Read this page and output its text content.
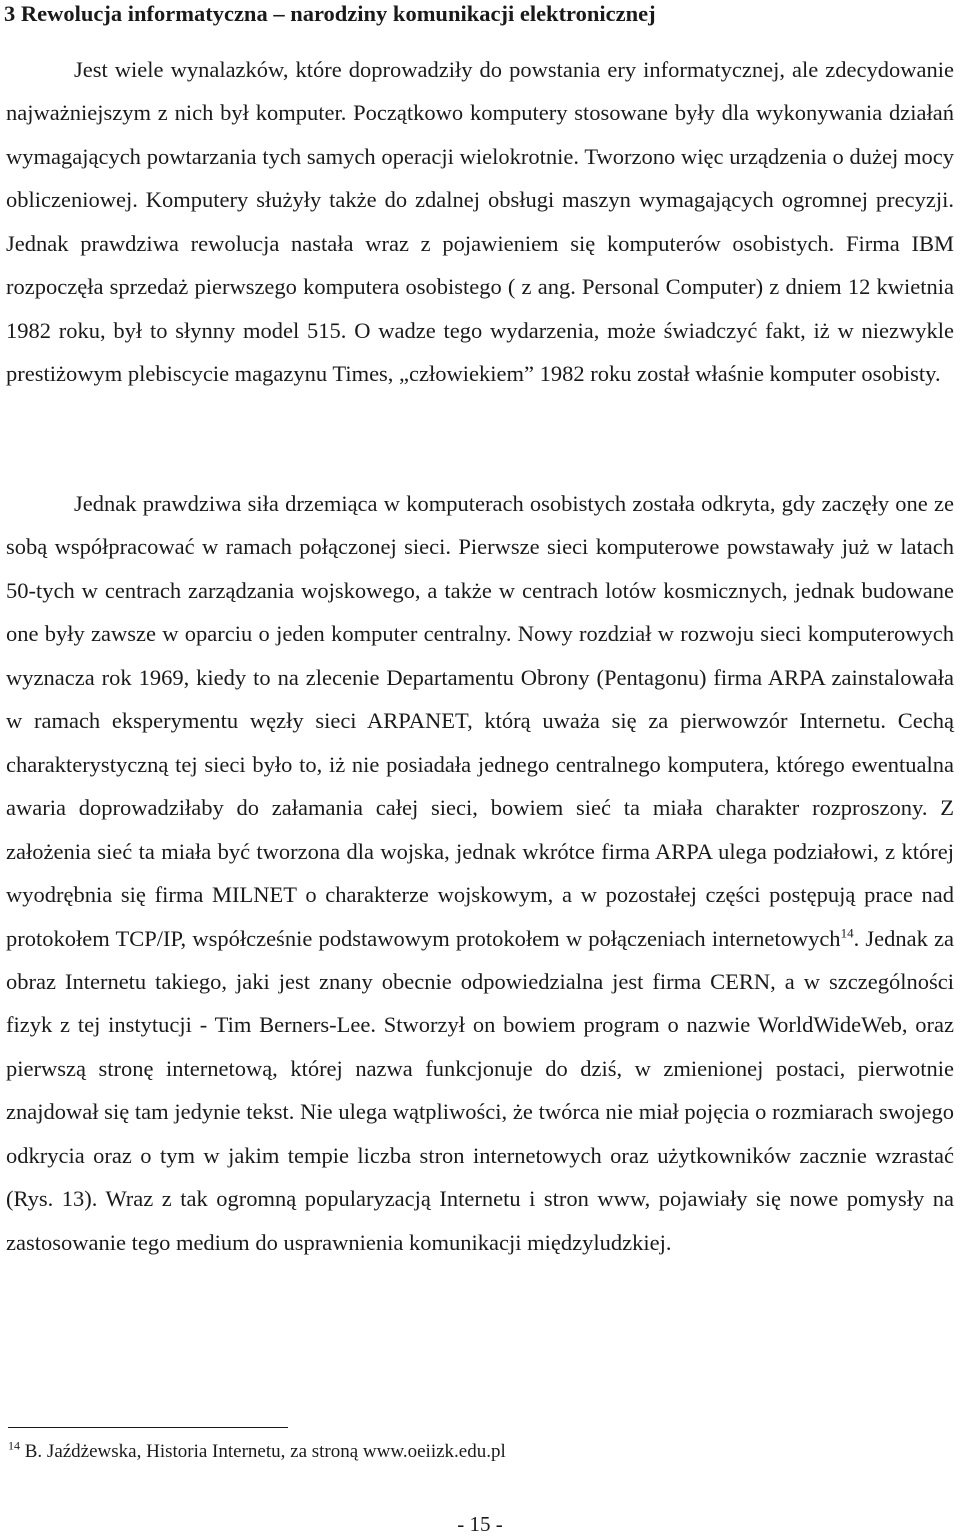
3 Rewolucja informatyczna – narodziny komunikacji elektronicznej

Jest wiele wynalazków, które doprowadziły do powstania ery informatycznej, ale zdecydowanie najważniejszym z nich był komputer. Początkowo komputery stosowane były dla wykonywania działań wymagających powtarzania tych samych operacji wielokrotnie. Tworzono więc urządzenia o dużej mocy obliczeniowej. Komputery służyły także do zdalnej obsługi maszyn wymagających ogromnej precyzji. Jednak prawdziwa rewolucja nastała wraz z pojawieniem się komputerów osobistych. Firma IBM rozpoczęła sprzedaż pierwszego komputera osobistego ( z ang. Personal Computer) z dniem 12 kwietnia 1982 roku, był to słynny model 515. O wadze tego wydarzenia, może świadczyć fakt, iż w niezwykle prestiżowym plebiscycie magazynu Times, „człowiekiem” 1982 roku został właśnie komputer osobisty.

Jednak prawdziwa siła drzemiąca w komputerach osobistych została odkryta, gdy zaczęły one ze sobą współpracować w ramach połączonej sieci. Pierwsze sieci komputerowe powstawały już w latach 50-tych w centrach zarządzania wojskowego, a także w centrach lotów kosmicznych, jednak budowane one były zawsze w oparciu o jeden komputer centralny. Nowy rozdział w rozwoju sieci komputerowych wyznacza rok 1969, kiedy to na zlecenie Departamentu Obrony (Pentagonu) firma ARPA zainstalowała w ramach eksperymentu węzły sieci ARPANET, którą uważa się za pierwowzór Internetu. Cechą charakterystyczną tej sieci było to, iż nie posiadała jednego centralnego komputera, którego ewentualna awaria doprowadziłaby do załamania całej sieci, bowiem sieć ta miała charakter rozproszony. Z założenia sieć ta miała być tworzona dla wojska, jednak wkrótce firma ARPA ulega podziałowi, z której wyodrębnia się firma MILNET o charakterze wojskowym, a w pozostałej części postępują prace nad protokołem TCP/IP, współcześnie podstawowym protokołem w połączeniach internetowych$^{14}$. Jednak za obraz Internetu takiego, jaki jest znany obecnie odpowiedzialna jest firma CERN, a w szczególności fizyk z tej instytucji - Tim Berners-Lee. Stworzył on bowiem program o nazwie WorldWideWeb, oraz pierwszą stronę internetową, której nazwa funkcjonuje do dziś, w zmienionej postaci, pierwotnie znajdował się tam jedynie tekst. Nie ulega wątpliwości, że twórca nie miał pojęcia o rozmiarach swojego odkrycia oraz o tym w jakim tempie liczba stron internetowych oraz użytkowników zacznie wzrastać (Rys. 13). Wraz z tak ogromną popularyzacją Internetu i stron www, pojawiały się nowe pomysły na zastosowanie tego medium do usprawnienia komunikacji międzyludzkiej.

$^{14}$ B. Jaźdżewska, Historia Internetu, za stroną www.oeiizk.edu.pl

- 15 -
